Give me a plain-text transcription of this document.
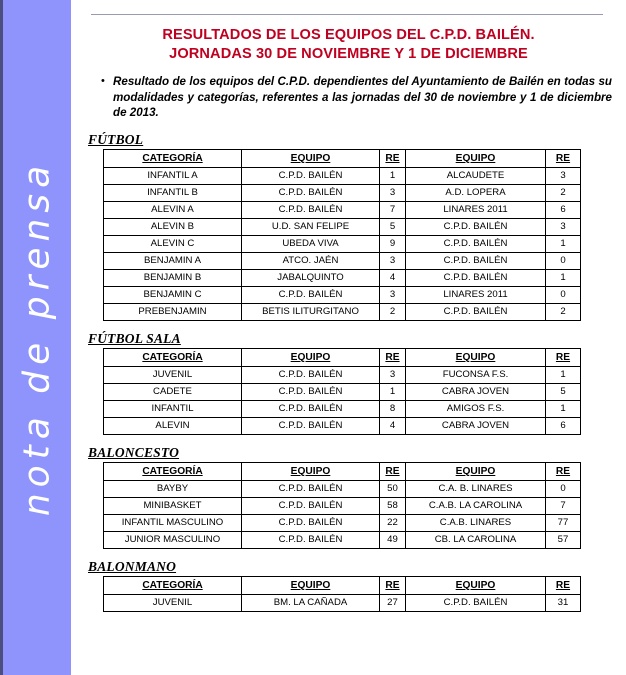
nota de prensa
RESULTADOS DE LOS EQUIPOS DEL C.P.D. BAILÉN.
JORNADAS 30 DE NOVIEMBRE Y 1 DE DICIEMBRE
• Resultado de los equipos del C.P.D. dependientes del Ayuntamiento de Bailén en todas su modalidades y categorías, referentes a las jornadas del 30 de noviembre y 1 de diciembre de 2013.
FÚTBOL
CATEGORÍA	EQUIPO	RE	EQUIPO	RE
INFANTIL A	C.P.D. BAILÉN	1	ALCAUDETE	3
INFANTIL B	C.P.D. BAILÉN	3	A.D. LOPERA	2
ALEVIN A	C.P.D. BAILÉN	7	LINARES 2011	6
ALEVIN B	U.D. SAN FELIPE	5	C.P.D. BAILÉN	3
ALEVIN C	UBEDA VIVA	9	C.P.D. BAILÉN	1
BENJAMIN A	ATCO. JAÉN	3	C.P.D. BAILÉN	0
BENJAMIN B	JABALQUINTO	4	C.P.D. BAILÉN	1
BENJAMIN C	C.P.D. BAILÉN	3	LINARES 2011	0
PREBENJAMIN	BETIS ILITURGITANO	2	C.P.D. BAILÉN	2
FÚTBOL SALA
CATEGORÍA	EQUIPO	RE	EQUIPO	RE
JUVENIL	C.P.D. BAILÉN	3	FUCONSA F.S.	1
CADETE	C.P.D. BAILÉN	1	CABRA JOVEN	5
INFANTIL	C.P.D. BAILÉN	8	AMIGOS F.S.	1
ALEVIN	C.P.D. BAILÉN	4	CABRA JOVEN	6
BALONCESTO
CATEGORÍA	EQUIPO	RE	EQUIPO	RE
BAYBY	C.P.D. BAILÉN	50	C.A. B. LINARES	0
MINIBASKET	C.P.D. BAILÉN	58	C.A.B. LA CAROLINA	7
INFANTIL MASCULINO	C.P.D. BAILÉN	22	C.A.B. LINARES	77
JUNIOR MASCULINO	C.P.D. BAILÉN	49	CB. LA CAROLINA	57
BALONMANO
CATEGORÍA	EQUIPO	RE	EQUIPO	RE
JUVENIL	BM. LA CAÑADA	27	C.P.D. BAILÉN	31
